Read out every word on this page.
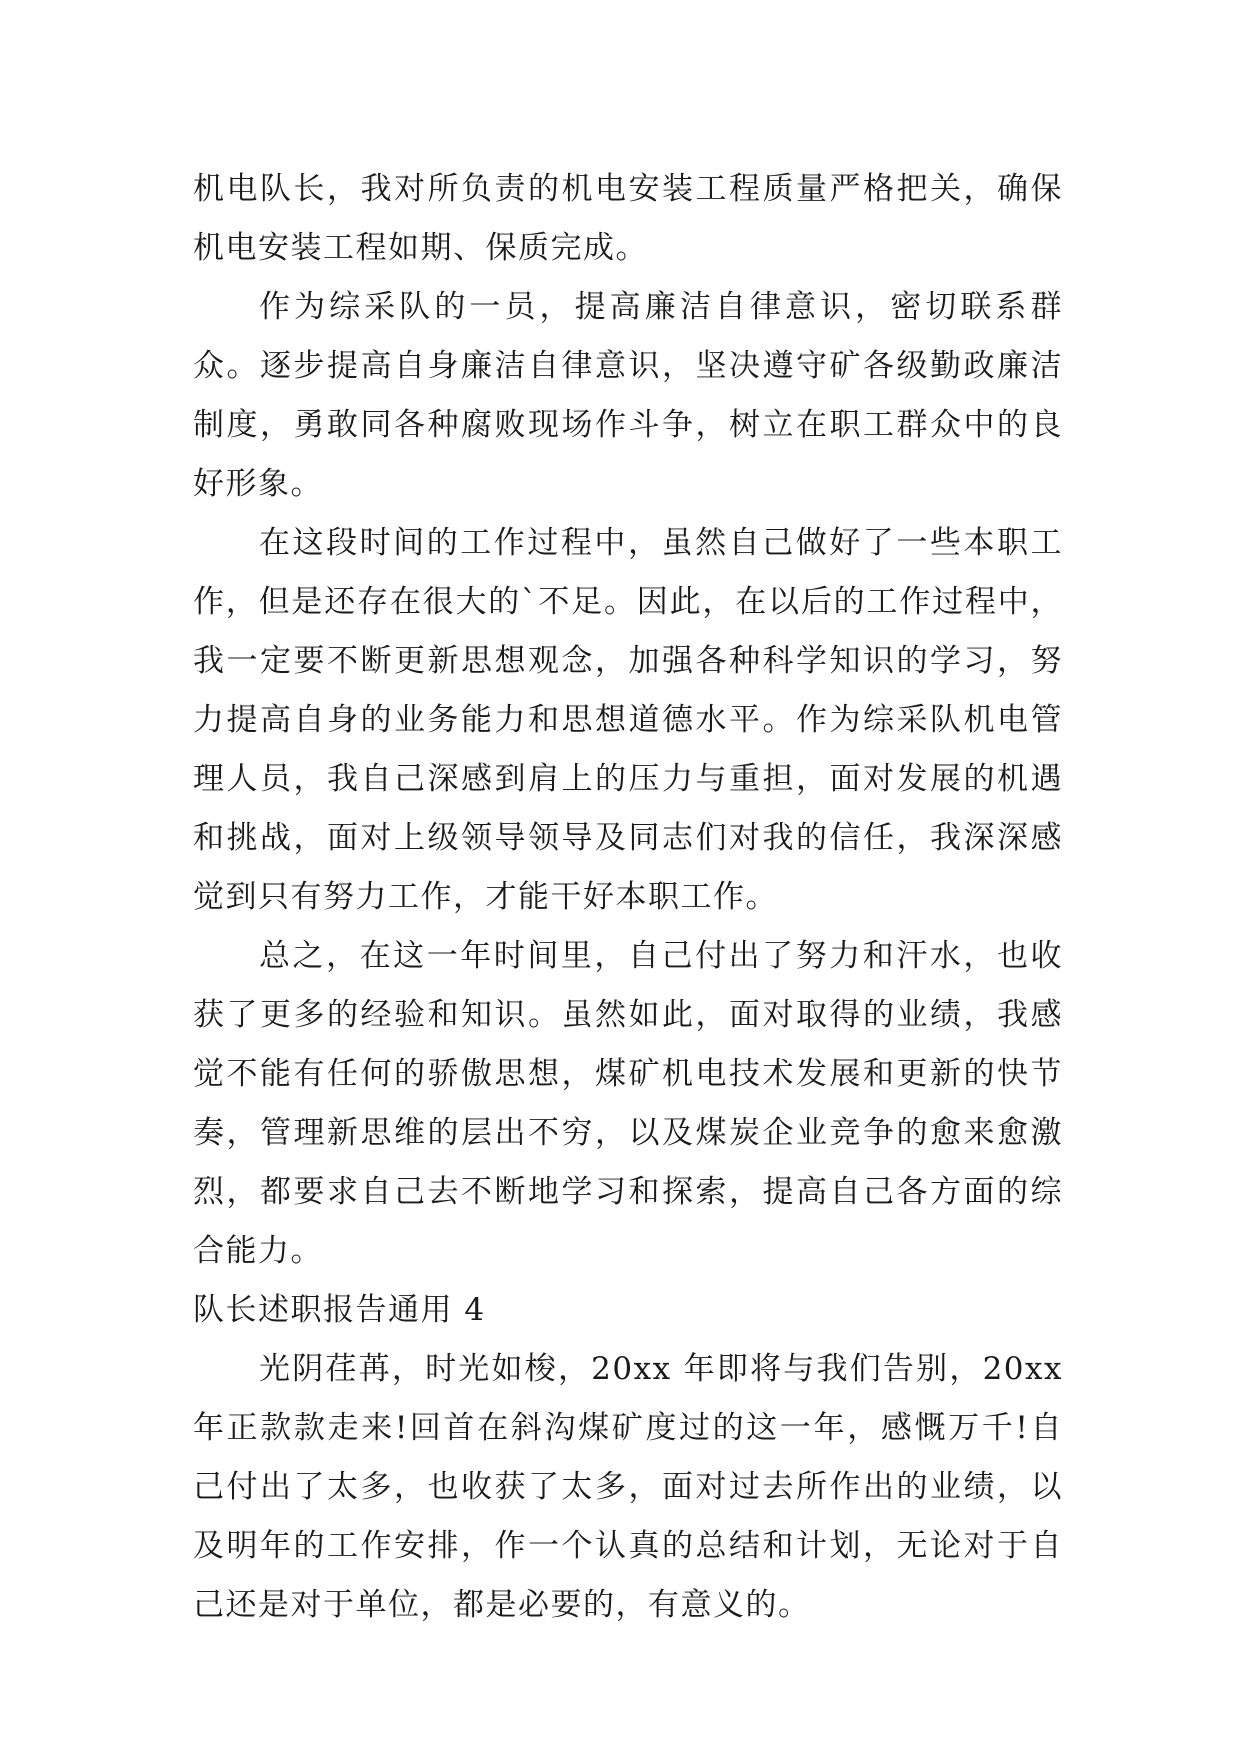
机电队长，我对所负责的机电安装工程质量严格把关，确保机电安装工程如期、保质完成。

作为综采队的一员，提高廉洁自律意识，密切联系群众。逐步提高自身廉洁自律意识，坚决遵守矿各级勤政廉洁制度，勇敢同各种腐败现场作斗争，树立在职工群众中的良好形象。

在这段时间的工作过程中，虽然自己做好了一些本职工作，但是还存在很大的`不足。因此，在以后的工作过程中，我一定要不断更新思想观念，加强各种科学知识的学习，努力提高自身的业务能力和思想道德水平。作为综采队机电管理人员，我自己深感到肩上的压力与重担，面对发展的机遇和挑战，面对上级领导领导及同志们对我的信任，我深深感觉到只有努力工作，才能干好本职工作。

总之，在这一年时间里，自己付出了努力和汗水，也收获了更多的经验和知识。虽然如此，面对取得的业绩，我感觉不能有任何的骄傲思想，煤矿机电技术发展和更新的快节奏，管理新思维的层出不穷，以及煤炭企业竞争的愈来愈激烈，都要求自己去不断地学习和探索，提高自己各方面的综合能力。

队长述职报告通用 4

光阴荏苒，时光如梭，20xx 年即将与我们告别，20xx 年正款款走来!回首在斜沟煤矿度过的这一年，感慨万千!自己付出了太多，也收获了太多，面对过去所作出的业绩，以及明年的工作安排，作一个认真的总结和计划，无论对于自己还是对于单位，都是必要的，有意义的。
